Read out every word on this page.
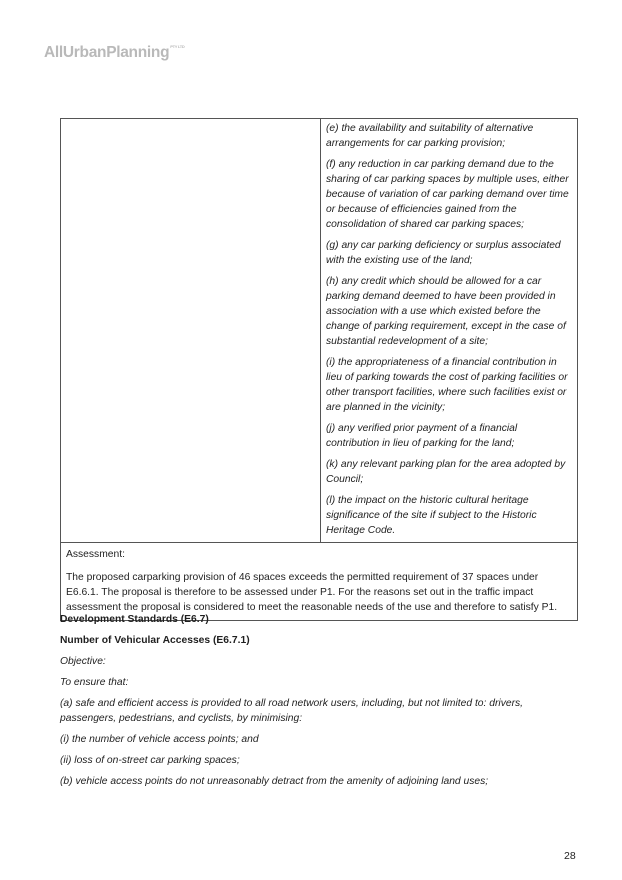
AllUrbanPlanning$^{PTY LTD}$

(e) the availability and suitability of alternative arrangements for car parking provision;

(f) any reduction in car parking demand due to the sharing of car parking spaces by multiple uses, either because of variation of car parking demand over time or because of efficiencies gained from the consolidation of shared car parking spaces;

(g) any car parking deficiency or surplus associated with the existing use of the land;

(h) any credit which should be allowed for a car parking demand deemed to have been provided in association with a use which existed before the change of parking requirement, except in the case of substantial redevelopment of a site;

(i) the appropriateness of a financial contribution in lieu of parking towards the cost of parking facilities or other transport facilities, where such facilities exist or are planned in the vicinity;

(j) any verified prior payment of a financial contribution in lieu of parking for the land;

(k) any relevant parking plan for the area adopted by Council;

(l) the impact on the historic cultural heritage significance of the site if subject to the Historic Heritage Code.

Assessment:

The proposed carparking provision of 46 spaces exceeds the permitted requirement of 37 spaces under E6.6.1. The proposal is therefore to be assessed under P1. For the reasons set out in the traffic impact assessment the proposal is considered to meet the reasonable needs of the use and therefore to satisfy P1.

Development Standards (E6.7)

Number of Vehicular Accesses (E6.7.1)

Objective:

To ensure that:

(a) safe and efficient access is provided to all road network users, including, but not limited to: drivers, passengers, pedestrians, and cyclists, by minimising:

(i) the number of vehicle access points; and

(ii) loss of on-street car parking spaces;

(b) vehicle access points do not unreasonably detract from the amenity of adjoining land uses;

28
